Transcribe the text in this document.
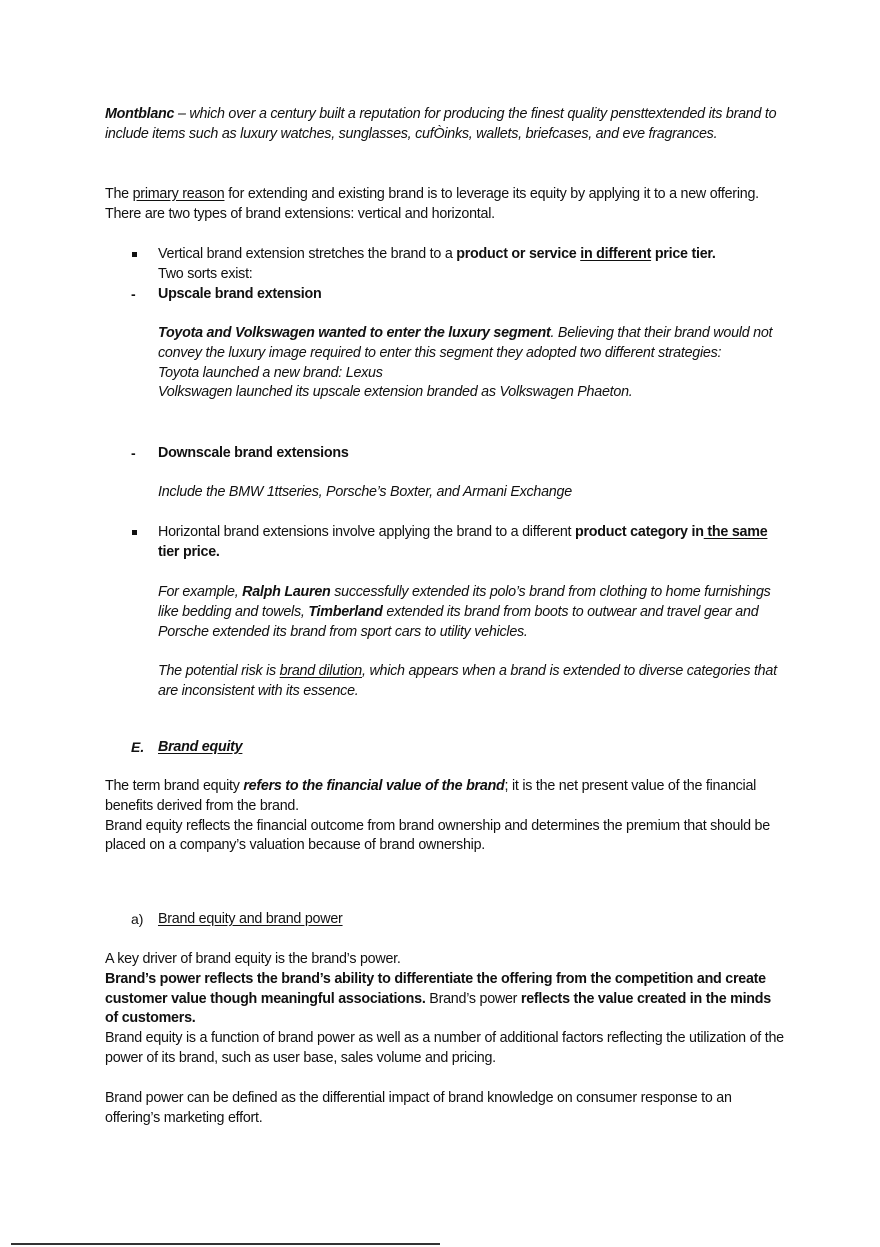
Montblanc – which over a century built a reputation for producing the finest quality pensttextended its brand to include items such as luxury watches, sunglasses, cufÒinks, wallets, briefcases, and eve fragrances.
The primary reason for extending and existing brand is to leverage its equity by applying it to a new offering. There are two types of brand extensions: vertical and horizontal.
Vertical brand extension stretches the brand to a product or service in different price tier.
Two sorts exist:
- Upscale brand extension
Toyota and Volkswagen wanted to enter the luxury segment. Believing that their brand would not convey the luxury image required to enter this segment they adopted two different strategies:
Toyota launched a new brand: Lexus
Volkswagen launched its upscale extension branded as Volkswagen Phaeton.
- Downscale brand extensions
Include the BMW 1ttseries, Porsche’s Boxter, and Armani Exchange
Horizontal brand extensions involve applying the brand to a different product category in the same tier price.
For example, Ralph Lauren successfully extended its polo’s brand from clothing to home furnishings like bedding and towels, Timberland extended its brand from boots to outwear and travel gear and Porsche extended its brand from sport cars to utility vehicles.
The potential risk is brand dilution, which appears when a brand is extended to diverse categories that are inconsistent with its essence.
E. Brand equity
The term brand equity refers to the financial value of the brand; it is the net present value of the financial benefits derived from the brand.
Brand equity reflects the financial outcome from brand ownership and determines the premium that should be placed on a company’s valuation because of brand ownership.
a) Brand equity and brand power
A key driver of brand equity is the brand’s power.
Brand’s power reflects the brand’s ability to differentiate the offering from the competition and create customer value though meaningful associations. Brand’s power reflects the value created in the minds of customers.
Brand equity is a function of brand power as well as a number of additional factors reflecting the utilization of the power of its brand, such as user base, sales volume and pricing.
Brand power can be defined as the differential impact of brand knowledge on consumer response to an offering’s marketing effort.
